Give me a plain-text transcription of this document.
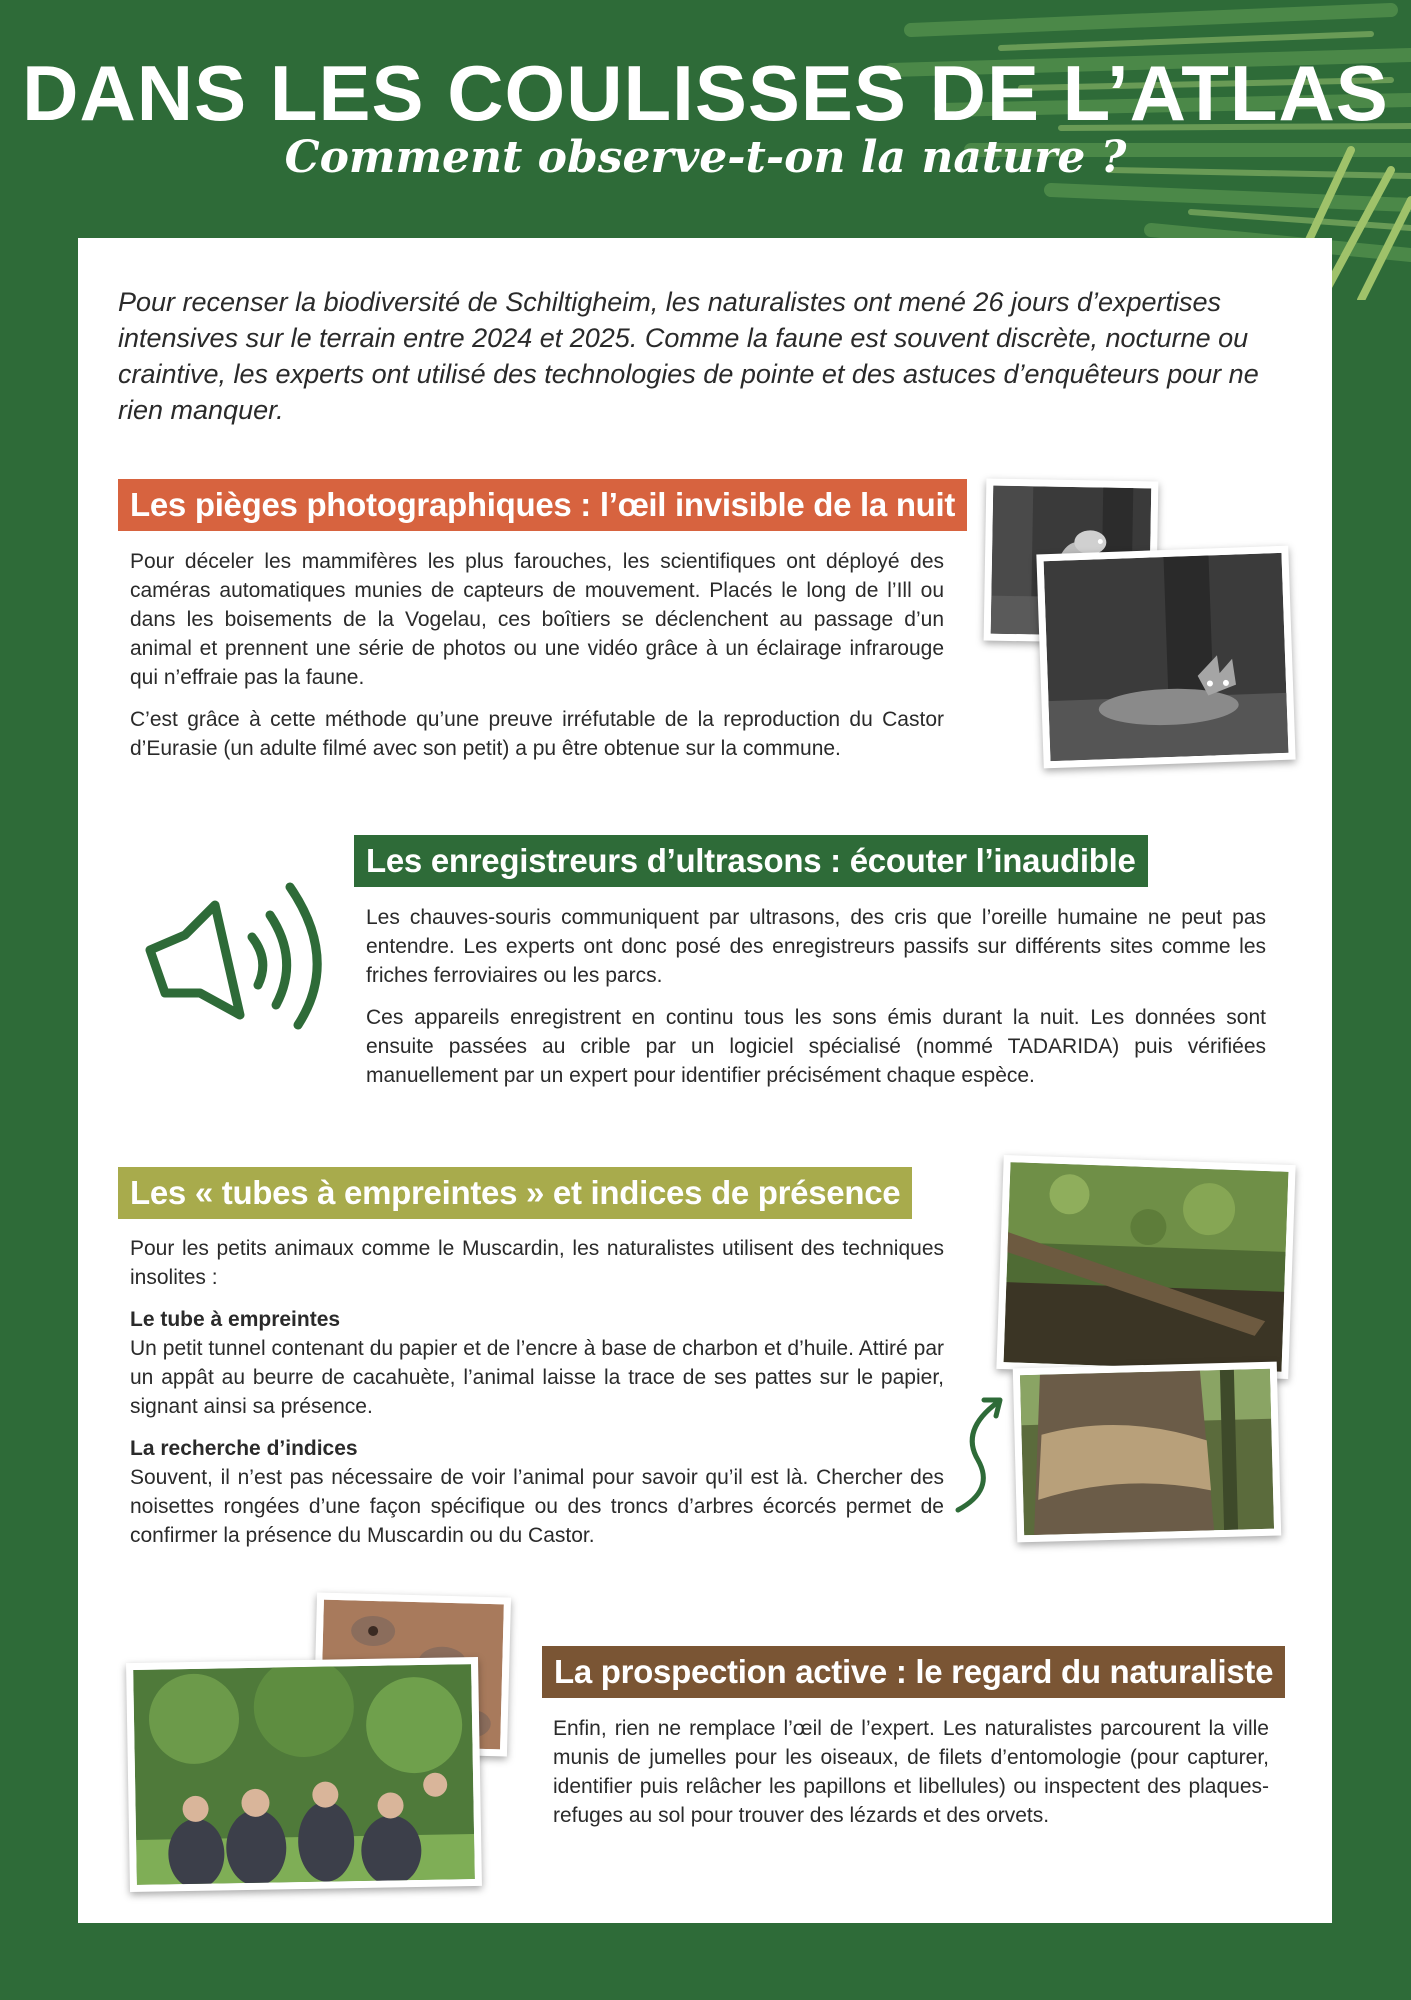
DANS LES COULISSES DE L’ATLAS
Comment observe-t-on la nature ?

Pour recenser la biodiversité de Schiltigheim, les naturalistes ont mené 26 jours d’expertises intensives sur le terrain entre 2024 et 2025. Comme la faune est souvent discrète, nocturne ou craintive, les experts ont utilisé des technologies de pointe et des astuces d’enquêteurs pour ne rien manquer.

Les pièges photographiques : l’œil invisible de la nuit

Pour déceler les mammifères les plus farouches, les scientifiques ont déployé des caméras automatiques munies de capteurs de mouvement. Placés le long de l’Ill ou dans les boisements de la Vogelau, ces boîtiers se déclenchent au passage d’un animal et prennent une série de photos ou une vidéo grâce à un éclairage infrarouge qui n’effraie pas la faune.

C’est grâce à cette méthode qu’une preuve irréfutable de la reproduction du Castor d’Eurasie (un adulte filmé avec son petit) a pu être obtenue sur la commune.

Les enregistreurs d’ultrasons : écouter l’inaudible

Les chauves-souris communiquent par ultrasons, des cris que l’oreille humaine ne peut pas entendre. Les experts ont donc posé des enregistreurs passifs sur différents sites comme les friches ferroviaires ou les parcs.

Ces appareils enregistrent en continu tous les sons émis durant la nuit. Les données sont ensuite passées au crible par un logiciel spécialisé (nommé TADARIDA) puis vérifiées manuellement par un expert pour identifier précisément chaque espèce.

Les « tubes à empreintes » et indices de présence

Pour les petits animaux comme le Muscardin, les naturalistes utilisent des techniques insolites :

Le tube à empreintes

Un petit tunnel contenant du papier et de l’encre à base de charbon et d’huile. Attiré par un appât au beurre de cacahuète, l’animal laisse la trace de ses pattes sur le papier, signant ainsi sa présence.

La recherche d’indices

Souvent, il n’est pas nécessaire de voir l’animal pour savoir qu’il est là. Chercher des noisettes rongées d’une façon spécifique ou des troncs d’arbres écorcés permet de confirmer la présence du Muscardin ou du Castor.

La prospection active : le regard du naturaliste

Enfin, rien ne remplace l’œil de l’expert. Les naturalistes parcourent la ville munis de jumelles pour les oiseaux, de filets d’entomologie (pour capturer, identifier puis relâcher les papillons et libellules) ou inspectent des plaques-refuges au sol pour trouver des lézards et des orvets.
